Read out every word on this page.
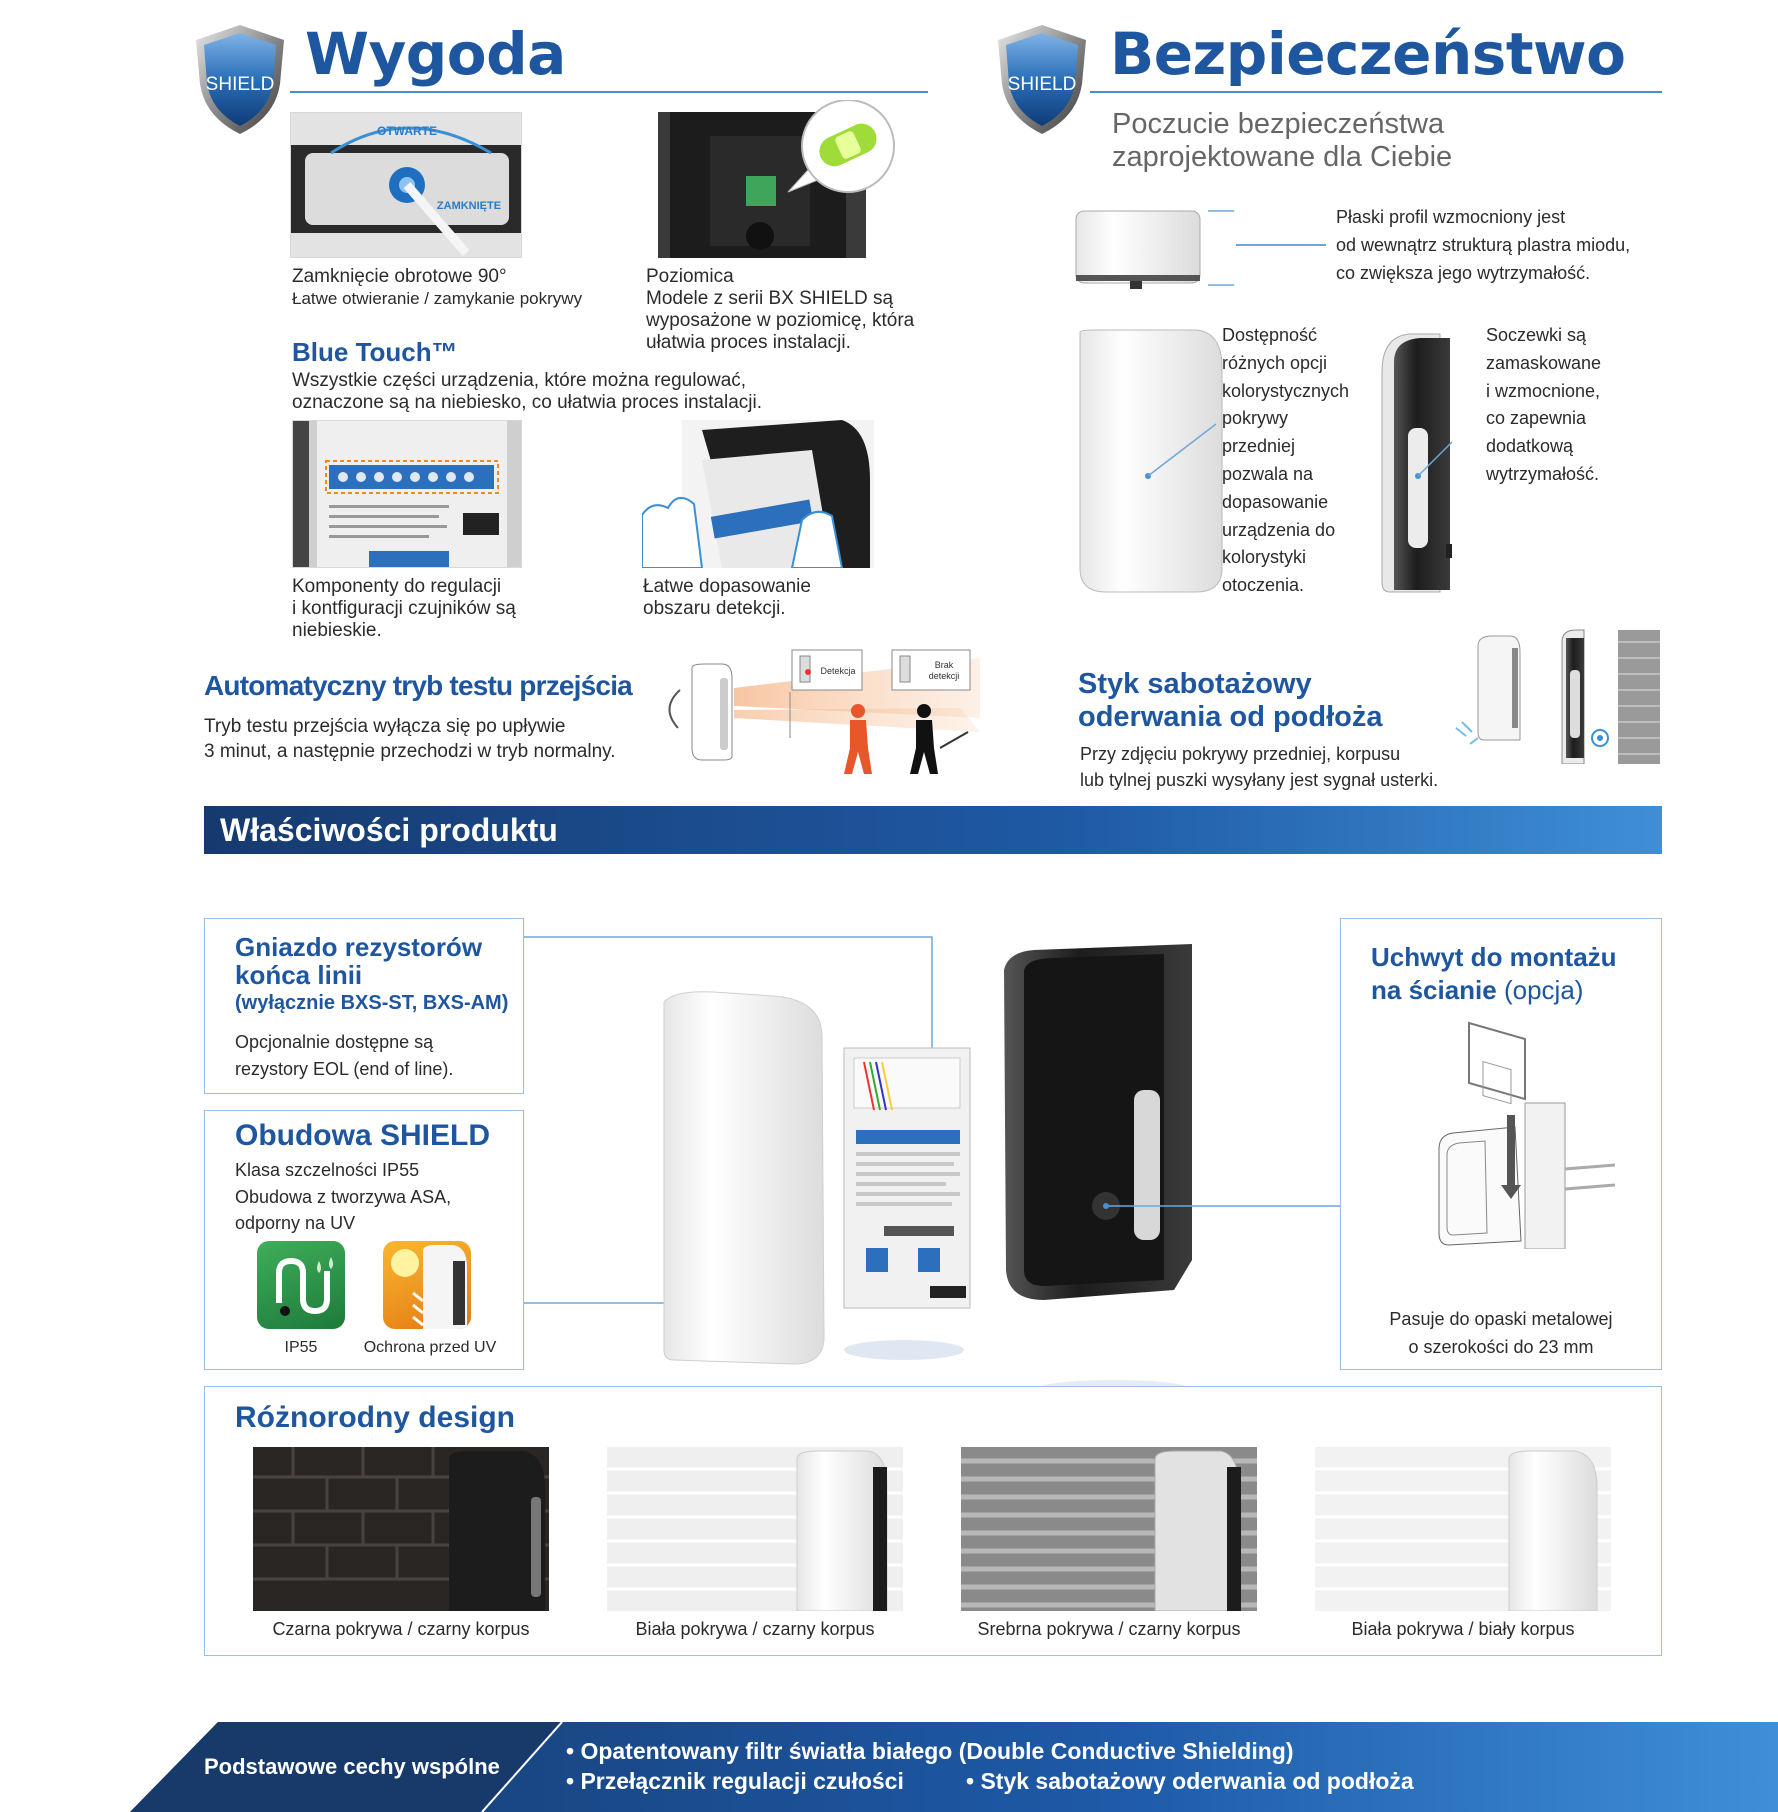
SHIELD Wygoda
OTWARTE
ZAMKNIĘTE
Zamknięcie obrotowe 90°
Łatwe otwieranie / zamykanie pokrywy
Poziomica
Modele z serii BX SHIELD są
wyposażone w poziomicę, która
ułatwia proces instalacji.
Blue Touch™
Wszystkie części urządzenia, które można regulować,
oznaczone są na niebiesko, co ułatwia proces instalacji.
Komponenty do regulacji
i kontfiguracji czujników są
niebieskie.
Łatwe dopasowanie
obszaru detekcji.
Automatyczny tryb testu przejścia
Tryb testu przejścia wyłącza się po upływie
3 minut, a następnie przechodzi w tryb normalny.
Detekcja
Brak
detekcji
SHIELD Bezpieczeństwo
Poczucie bezpieczeństwa
zaprojektowane dla Ciebie
Płaski profil wzmocniony jest
od wewnątrz strukturą plastra miodu,
co zwiększa jego wytrzymałość.
Dostępność
różnych opcji
kolorystycznych
pokrywy
przedniej
pozwala na
dopasowanie
urządzenia do
kolorystyki
otoczenia.
Soczewki są
zamaskowane
i wzmocnione,
co zapewnia
dodatkową
wytrzymałość.
Styk sabotażowy
oderwania od podłoża
Przy zdjęciu pokrywy przedniej, korpusu
lub tylnej puszki wysyłany jest sygnał usterki.
Właściwości produktu
Gniazdo rezystorów
końca linii
(wyłącznie BXS-ST, BXS-AM)
Opcjonalnie dostępne są
rezystory EOL (end of line).
Obudowa SHIELD
Klasa szczelności IP55
Obudowa z tworzywa ASA,
odporny na UV
IP55	Ochrona przed UV
Uchwyt do montażu
na ścianie (opcja)
Pasuje do opaski metalowej
o szerokości do 23 mm
Różnorodny design
Czarna pokrywa / czarny korpus	Biała pokrywa / czarny korpus	Srebrna pokrywa / czarny korpus	Biała pokrywa / biały korpus
Podstawowe cechy wspólne
• Opatentowany filtr światła białego (Double Conductive Shielding)
• Przełącznik regulacji czułości	• Styk sabotażowy oderwania od podłoża
